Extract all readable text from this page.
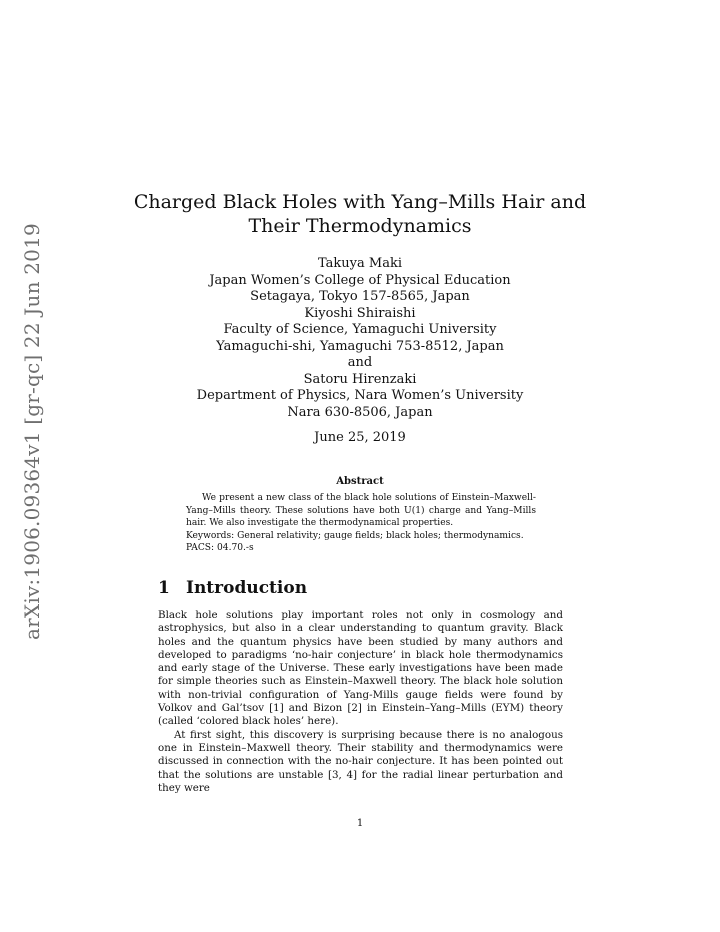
arXiv:1906.09364v1 [gr-qc] 22 Jun 2019
Charged Black Holes with Yang–Mills Hair and
Their Thermodynamics
Takuya Maki
Japan Women’s College of Physical Education
Setagaya, Tokyo 157-8565, Japan
Kiyoshi Shiraishi
Faculty of Science, Yamaguchi University
Yamaguchi-shi, Yamaguchi 753-8512, Japan
and
Satoru Hirenzaki
Department of Physics, Nara Women’s University
Nara 630-8506, Japan
June 25, 2019
Abstract

We present a new class of the black hole solutions of Einstein–Maxwell-Yang–Mills theory. These solutions have both U(1) charge and Yang–Mills hair. We also investigate the thermodynamical properties.

Keywords: General relativity; gauge fields; black holes; thermodynamics.

PACS: 04.70.-s

1 Introduction

Black hole solutions play important roles not only in cosmology and astrophysics, but also in a clear understanding to quantum gravity. Black holes and the quantum physics have been studied by many authors and developed to paradigms ‘no-hair conjecture’ in black hole thermodynamics and early stage of the Universe. These early investigations have been made for simple theories such as Einstein–Maxwell theory. The black hole solution with non-trivial configuration of Yang-Mills gauge fields were found by Volkov and Gal’tsov [1] and Bizon [2] in Einstein–Yang–Mills (EYM) theory (called ‘colored black holes’ here).

At first sight, this discovery is surprising because there is no analogous one in Einstein–Maxwell theory. Their stability and thermodynamics were discussed in connection with the no-hair conjecture. It has been pointed out that the solutions are unstable [3, 4] for the radial linear perturbation and they were

1
